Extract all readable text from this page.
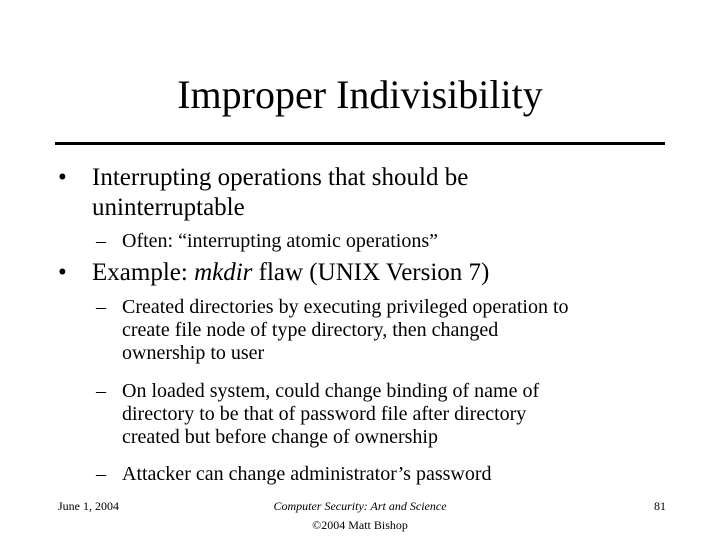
Improper Indivisibility
• Interrupting operations that should be
uninterruptable
– Often: “interrupting atomic operations”
• Example: mkdir flaw (UNIX Version 7)
– Created directories by executing privileged operation to
create file node of type directory, then changed
ownership to user
– On loaded system, could change binding of name of
directory to be that of password file after directory
created but before change of ownership
– Attacker can change administrator’s password
June 1, 2004	Computer Security: Art and Science
©2004 Matt Bishop
81
